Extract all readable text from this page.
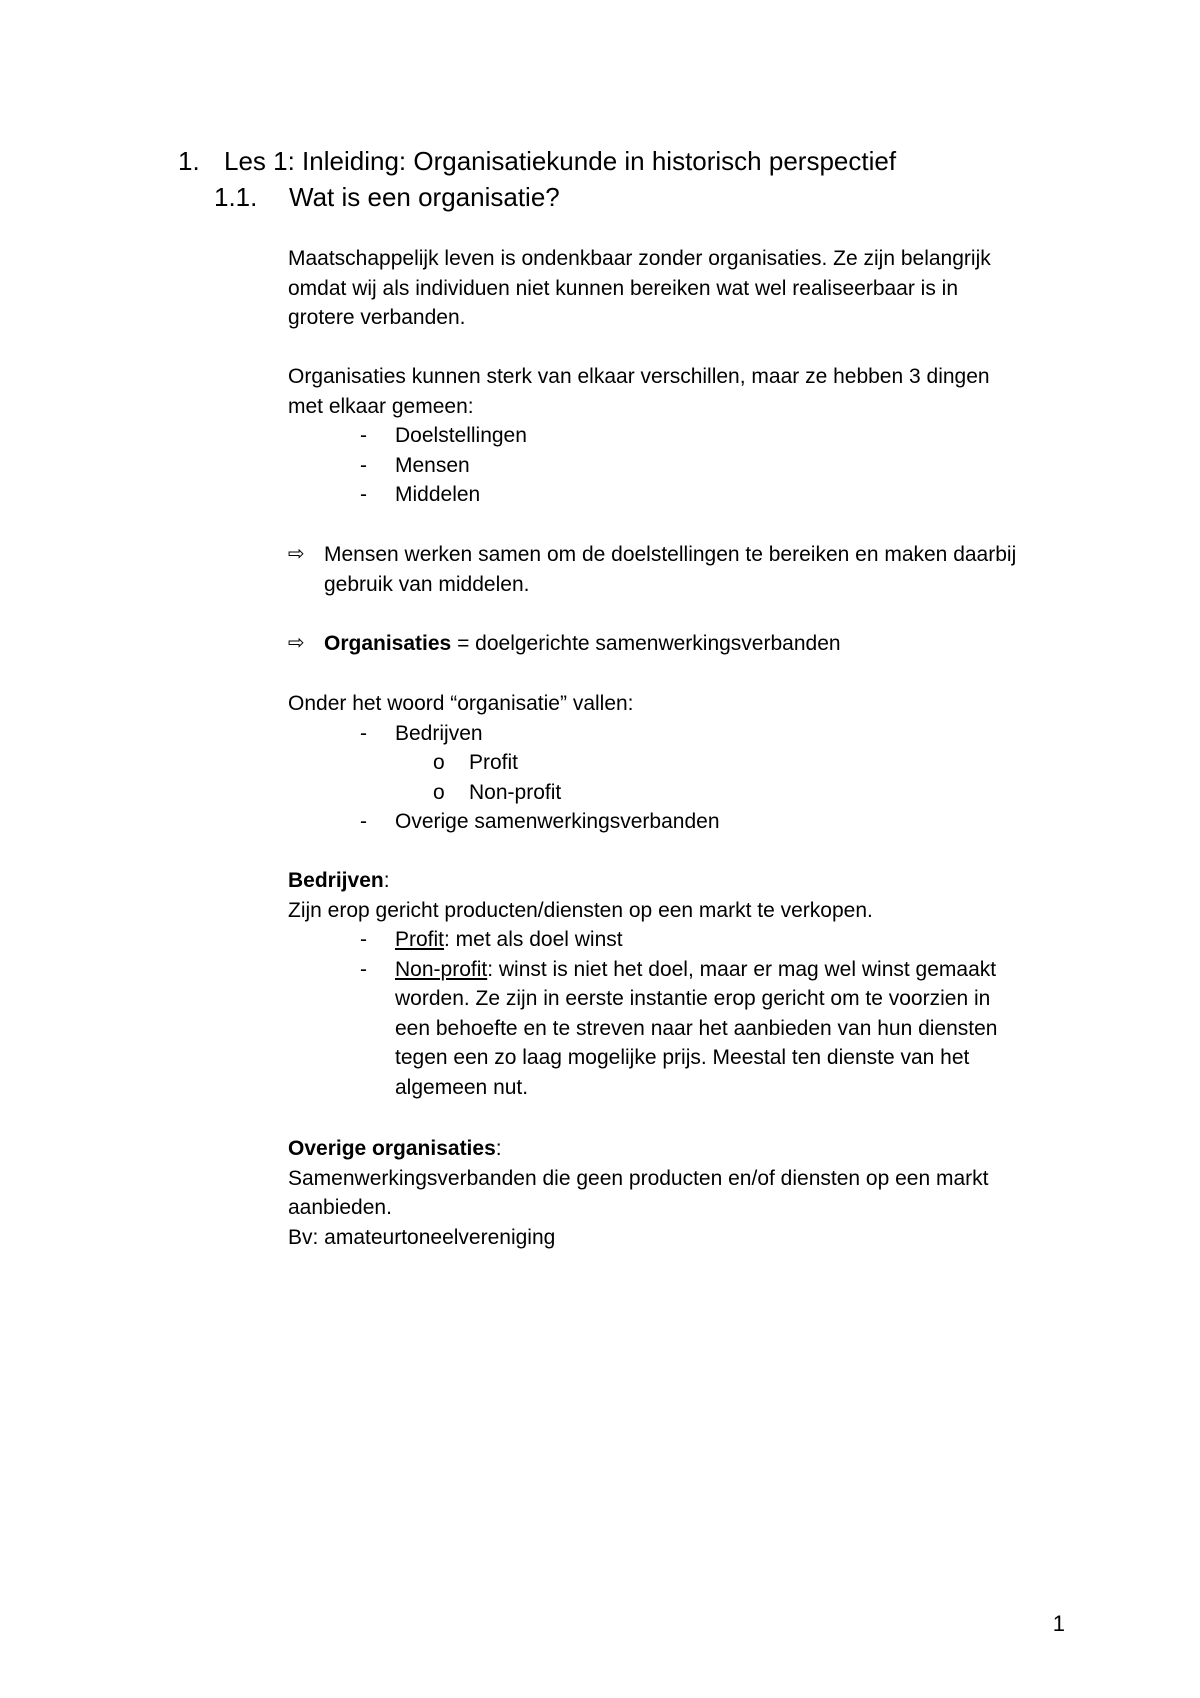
1. Les 1: Inleiding: Organisatiekunde in historisch perspectief
1.1. Wat is een organisatie?
Maatschappelijk leven is ondenkbaar zonder organisaties. Ze zijn belangrijk
omdat wij als individuen niet kunnen bereiken wat wel realiseerbaar is in
grotere verbanden.
Organisaties kunnen sterk van elkaar verschillen, maar ze hebben 3 dingen
met elkaar gemeen:
- Doelstellingen
- Mensen
- Middelen
⇨ Mensen werken samen om de doelstellingen te bereiken en maken daarbij
gebruik van middelen.
⇨ Organisaties = doelgerichte samenwerkingsverbanden
Onder het woord “organisatie” vallen:
- Bedrijven
o Profit
o Non-profit
- Overige samenwerkingsverbanden
Bedrijven:
Zijn erop gericht producten/diensten op een markt te verkopen.
- Profit: met als doel winst
- Non-profit: winst is niet het doel, maar er mag wel winst gemaakt
worden. Ze zijn in eerste instantie erop gericht om te voorzien in
een behoefte en te streven naar het aanbieden van hun diensten
tegen een zo laag mogelijke prijs. Meestal ten dienste van het
algemeen nut.
Overige organisaties:
Samenwerkingsverbanden die geen producten en/of diensten op een markt
aanbieden.
Bv: amateurtoneelvereniging
1
